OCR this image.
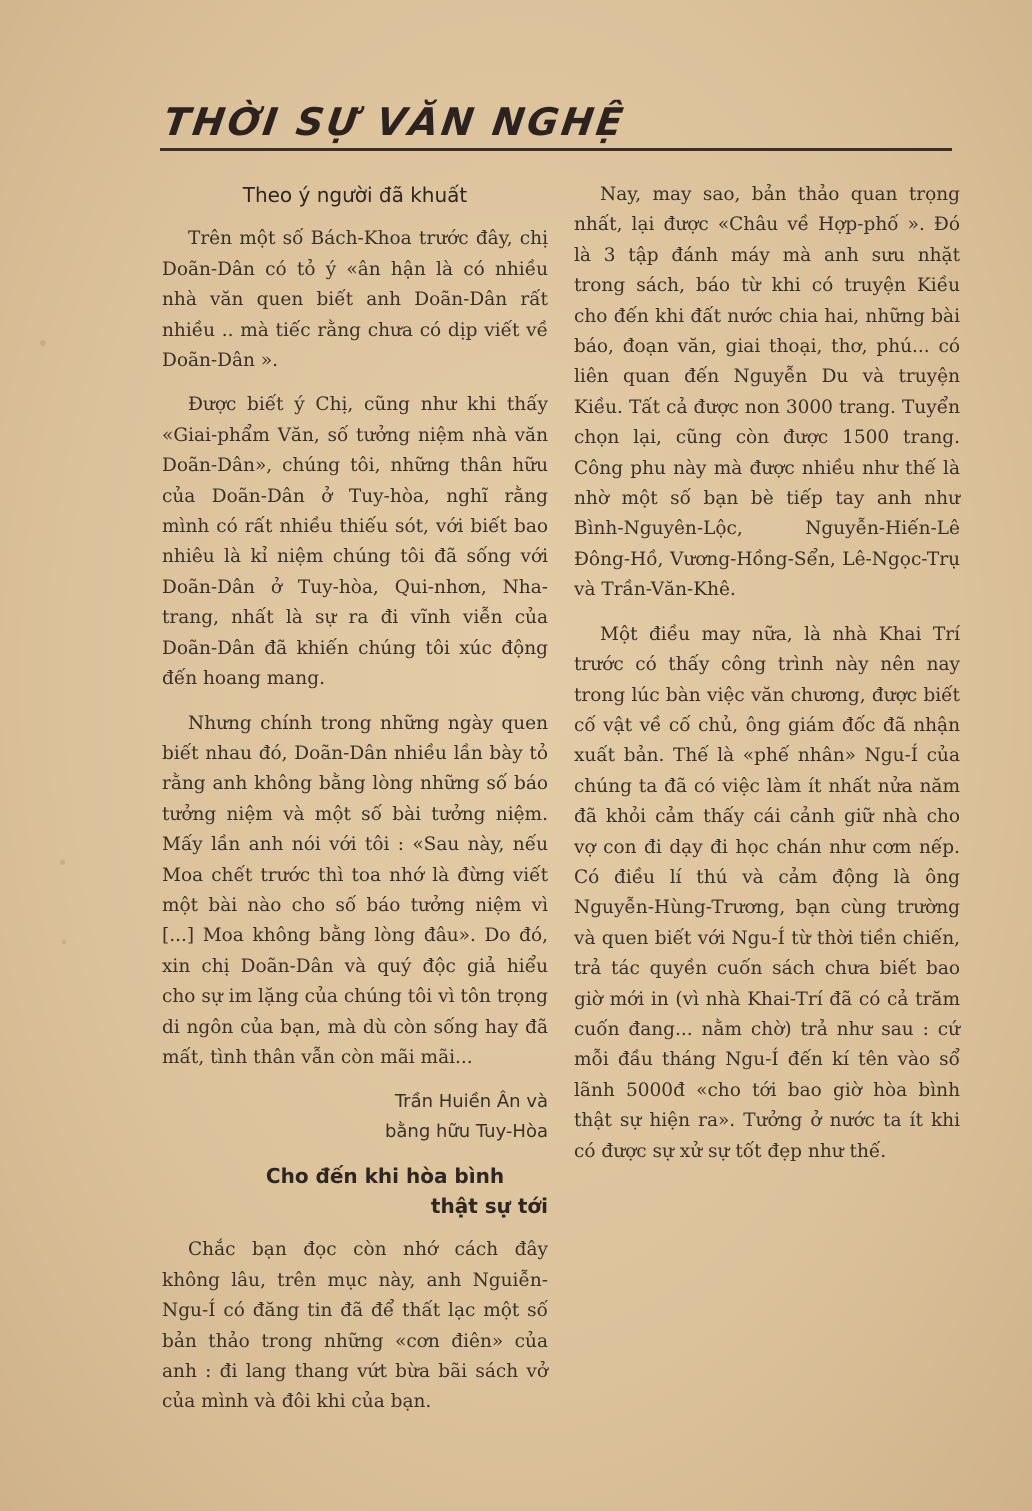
THỜI SỰ VĂN NGHỆ
Theo ý người đã khuất

Trên một số Bách-Khoa trước đây, chị Doãn-Dân có tỏ ý «ân hận là có nhiều nhà văn quen biết anh Doãn-Dân rất nhiều .. mà tiếc rằng chưa có dịp viết về Doãn-Dân ».

Được biết ý Chị, cũng như khi thấy «Giai-phẩm Văn, số tưởng niệm nhà văn Doãn-Dân», chúng tôi, những thân hữu của Doãn-Dân ở Tuy-hòa, nghĩ rằng mình có rất nhiều thiếu sót, với biết bao nhiêu là kỉ niệm chúng tôi đã sống với Doãn-Dân ở Tuy-hòa, Qui-nhơn, Nha-trang, nhất là sự ra đi vĩnh viễn của Doãn-Dân đã khiến chúng tôi xúc động đến hoang mang.

Nhưng chính trong những ngày quen biết nhau đó, Doãn-Dân nhiều lần bày tỏ rằng anh không bằng lòng những số báo tưởng niệm và một số bài tưởng niệm. Mấy lần anh nói với tôi : «Sau này, nếu Moa chết trước thì toa nhớ là đừng viết một bài nào cho số báo tưởng niệm vì [...] Moa không bằng lòng đâu». Do đó, xin chị Doãn-Dân và quý độc giả hiểu cho sự im lặng của chúng tôi vì tôn trọng di ngôn của bạn, mà dù còn sống hay đã mất, tình thân vẫn còn mãi mãi...

Trần Huiền Ân và
bằng hữu Tuy-Hòa
Cho đến khi hòa bình
thật sự tới

Chắc bạn đọc còn nhớ cách đây không lâu, trên mục này, anh Nguiễn-Ngu-Í có đăng tin đã để thất lạc một số bản thảo trong những «cơn điên» của anh : đi lang thang vứt bừa bãi sách vở của mình và đôi khi của bạn.

Nay, may sao, bản thảo quan trọng nhất, lại được «Châu về Hợp-phố ». Đó là 3 tập đánh máy mà anh sưu nhặt trong sách, báo từ khi có truyện Kiều cho đến khi đất nước chia hai, những bài báo, đoạn văn, giai thoại, thơ, phú... có liên quan đến Nguyễn Du và truyện Kiều. Tất cả được non 3000 trang. Tuyển chọn lại, cũng còn được 1500 trang. Công phu này mà được nhiều như thế là nhờ một số bạn bè tiếp tay anh như Bình-Nguyên-Lộc, Nguyễn-Hiến-Lê Đông-Hồ, Vương-Hồng-Sển, Lê-Ngọc-Trụ và Trần-Văn-Khê.

Một điều may nữa, là nhà Khai Trí trước có thấy công trình này nên nay trong lúc bàn việc văn chương, được biết cố vật về cố chủ, ông giám đốc đã nhận xuất bản. Thế là «phế nhân» Ngu-Í của chúng ta đã có việc làm ít nhất nửa năm đã khỏi cảm thấy cái cảnh giữ nhà cho vợ con đi dạy đi học chán như cơm nếp. Có điều lí thú và cảm động là ông Nguyễn-Hùng-Trương, bạn cùng trường và quen biết với Ngu-Í từ thời tiền chiến, trả tác quyền cuốn sách chưa biết bao giờ mới in (vì nhà Khai-Trí đã có cả trăm cuốn đang... nằm chờ) trả như sau : cứ mỗi đầu tháng Ngu-Í đến kí tên vào sổ lãnh 5000đ «cho tới bao giờ hòa bình thật sự hiện ra». Tưởng ở nước ta ít khi có được sự xử sự tốt đẹp như thế.
